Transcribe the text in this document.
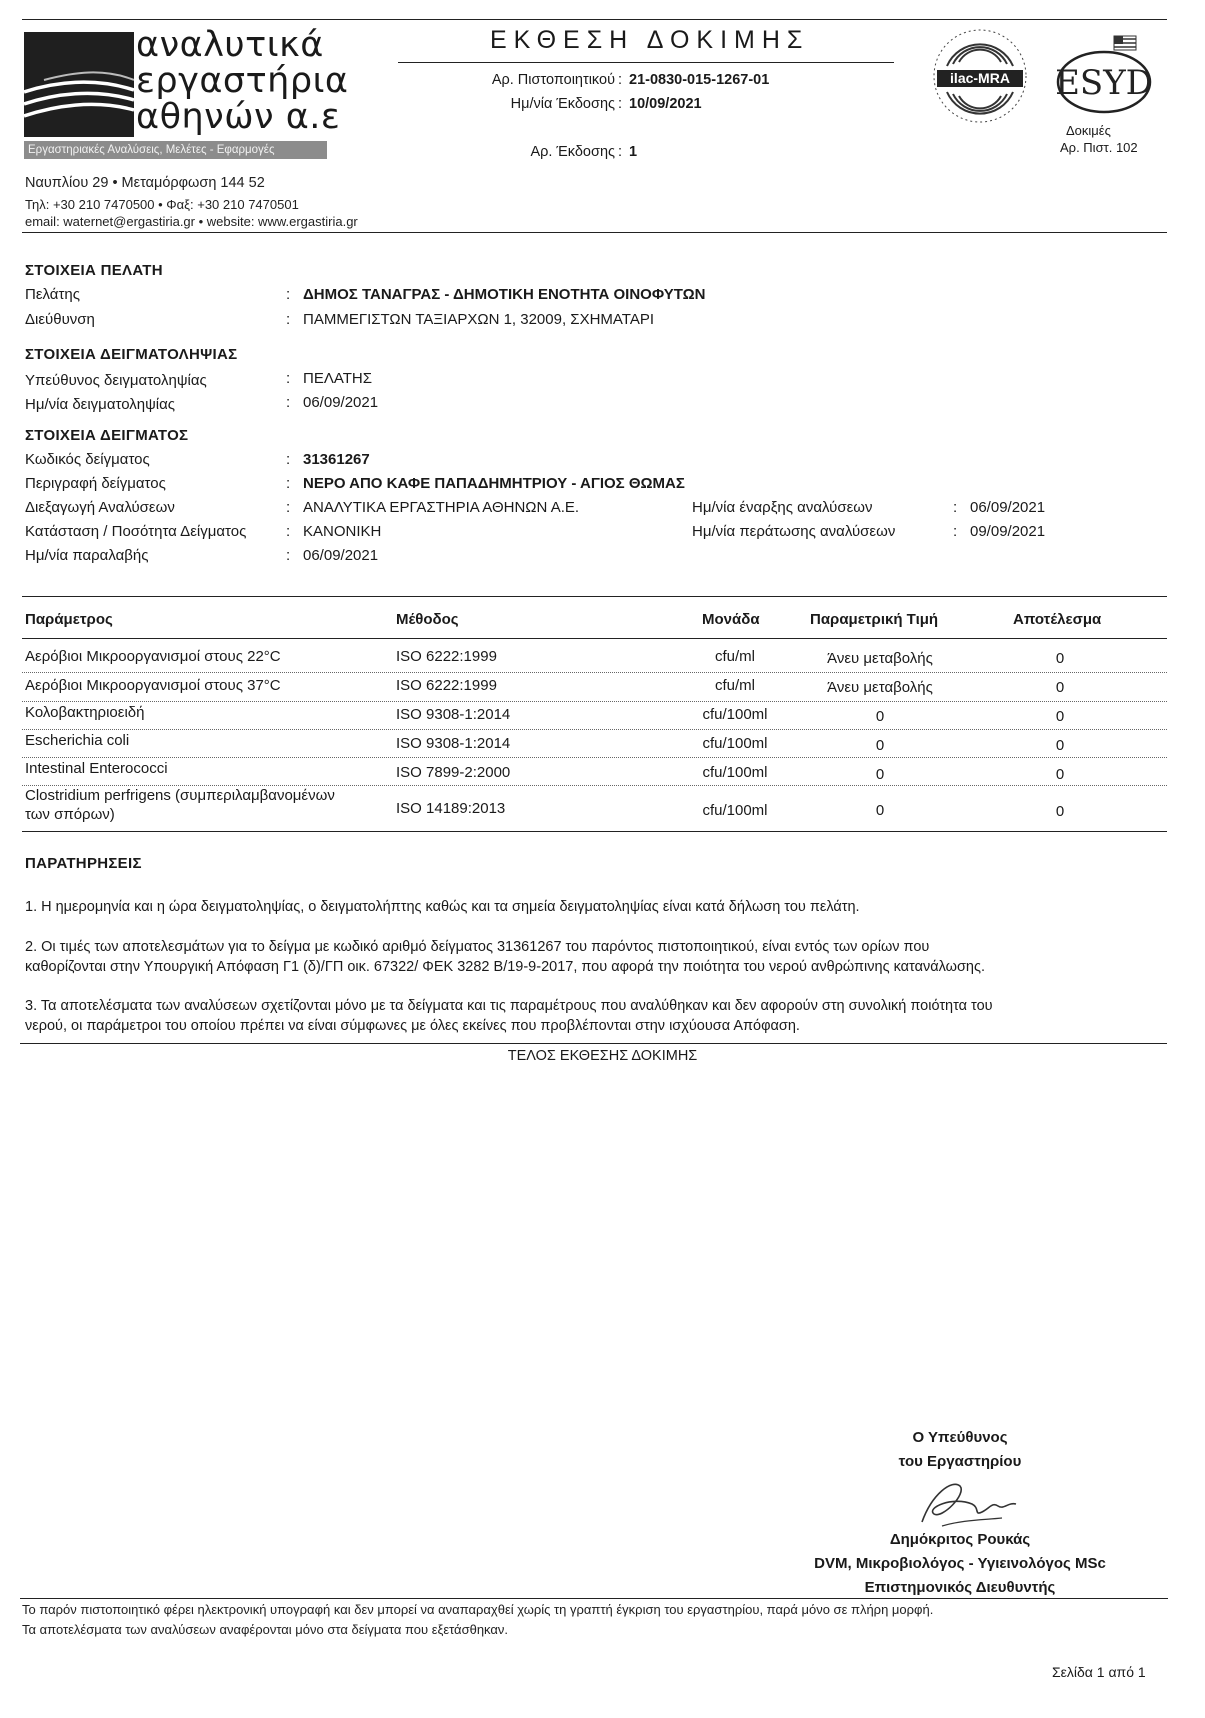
αναλυτικά
εργαστήρια
αθηνών α.ε
Εργαστηριακές Αναλύσεις, Μελέτες - Εφαρμογές
Ναυπλίου 29 • Μεταμόρφωση 144 52
Τηλ: +30 210 7470500 • Φαξ: +30 210 7470501
email: waternet@ergastiria.gr • website: www.ergastiria.gr
ΕΚΘΕΣΗ ΔΟΚΙΜΗΣ
Αρ. Πιστοποιητικού : 21-0830-015-1267-01
Ημ/νία Έκδοσης : 10/09/2021
Αρ. Έκδοσης : 1
ilac-MRA ESYD
Δοκιμές
Αρ. Πιστ. 102
ΣΤΟΙΧΕΙΑ ΠΕΛΑΤΗ
Πελάτης	: ΔΗΜΟΣ ΤΑΝΑΓΡΑΣ - ΔΗΜΟΤΙΚΗ ΕΝΟΤΗΤΑ ΟΙΝΟΦΥΤΩΝ
Διεύθυνση	: ΠΑΜΜΕΓΙΣΤΩΝ ΤΑΞΙΑΡΧΩΝ 1, 32009, ΣΧΗΜΑΤΑΡΙ
ΣΤΟΙΧΕΙΑ ΔΕΙΓΜΑΤΟΛΗΨΙΑΣ
Υπεύθυνος δειγματοληψίας	: ΠΕΛΑΤΗΣ
Ημ/νία δειγματοληψίας	: 06/09/2021
ΣΤΟΙΧΕΙΑ ΔΕΙΓΜΑΤΟΣ
Κωδικός δείγματος	: 31361267
Περιγραφή δείγματος	: ΝΕΡΟ ΑΠΟ ΚΑΦΕ ΠΑΠΑΔΗΜΗΤΡΙΟΥ - ΑΓΙΟΣ ΘΩΜΑΣ
Διεξαγωγή Αναλύσεων	: ΑΝΑΛΥΤΙΚΑ ΕΡΓΑΣΤΗΡΙΑ ΑΘΗΝΩΝ Α.Ε.
Κατάσταση / Ποσότητα Δείγματος	: ΚΑΝΟΝΙΚΗ
Ημ/νία παραλαβής	: 06/09/2021
Ημ/νία έναρξης αναλύσεων	: 06/09/2021
Ημ/νία περάτωσης αναλύσεων	: 09/09/2021
Παράμετρος	Μέθοδος	Μονάδα	Παραμετρική Τιμή	Αποτέλεσμα
Αερόβιοι Μικροοργανισμοί στους 22°C	ISO 6222:1999	cfu/ml	Άνευ μεταβολής	0
Αερόβιοι Μικροοργανισμοί στους 37°C	ISO 6222:1999	cfu/ml	Άνευ μεταβολής	0
Κολοβακτηριοειδή	ISO 9308-1:2014	cfu/100ml	0	0
Escherichia coli	ISO 9308-1:2014	cfu/100ml	0	0
Intestinal Enterococci	ISO 7899-2:2000	cfu/100ml	0	0
Clostridium perfrigens (συμπεριλαμβανομένων
των σπόρων)	ISO 14189:2013	cfu/100ml	0	0
ΠΑΡΑΤΗΡΗΣΕΙΣ
1. Η ημερομηνία και η ώρα δειγματοληψίας, ο δειγματολήπτης καθώς και τα σημεία δειγματοληψίας είναι κατά δήλωση του πελάτη.
2. Οι τιμές των αποτελεσμάτων για το δείγμα με κωδικό αριθμό δείγματος 31361267 του παρόντος πιστοποιητικού, είναι εντός των ορίων που
καθορίζονται στην Υπουργική Απόφαση Γ1 (δ)/ΓΠ οικ. 67322/ ΦΕΚ 3282 Β/19-9-2017, που αφορά την ποιότητα του νερού ανθρώπινης κατανάλωσης.
3. Τα αποτελέσματα των αναλύσεων σχετίζονται μόνο με τα δείγματα και τις παραμέτρους που αναλύθηκαν και δεν αφορούν στη συνολική ποιότητα του
νερού, οι παράμετροι του οποίου πρέπει να είναι σύμφωνες με όλες εκείνες που προβλέπονται στην ισχύουσα Απόφαση.
ΤΕΛΟΣ ΕΚΘΕΣΗΣ ΔΟΚΙΜΗΣ
Ο Υπεύθυνος
του Εργαστηρίου
Δημόκριτος Ρουκάς
DVM, Μικροβιολόγος - Υγιεινολόγος MSc
Επιστημονικός Διευθυντής
Το παρόν πιστοποιητικό φέρει ηλεκτρονική υπογραφή και δεν μπορεί να αναπαραχθεί χωρίς τη γραπτή έγκριση του εργαστηρίου, παρά μόνο σε πλήρη μορφή.
Τα αποτελέσματα των αναλύσεων αναφέρονται μόνο στα δείγματα που εξετάσθηκαν.
Σελίδα 1 από 1
